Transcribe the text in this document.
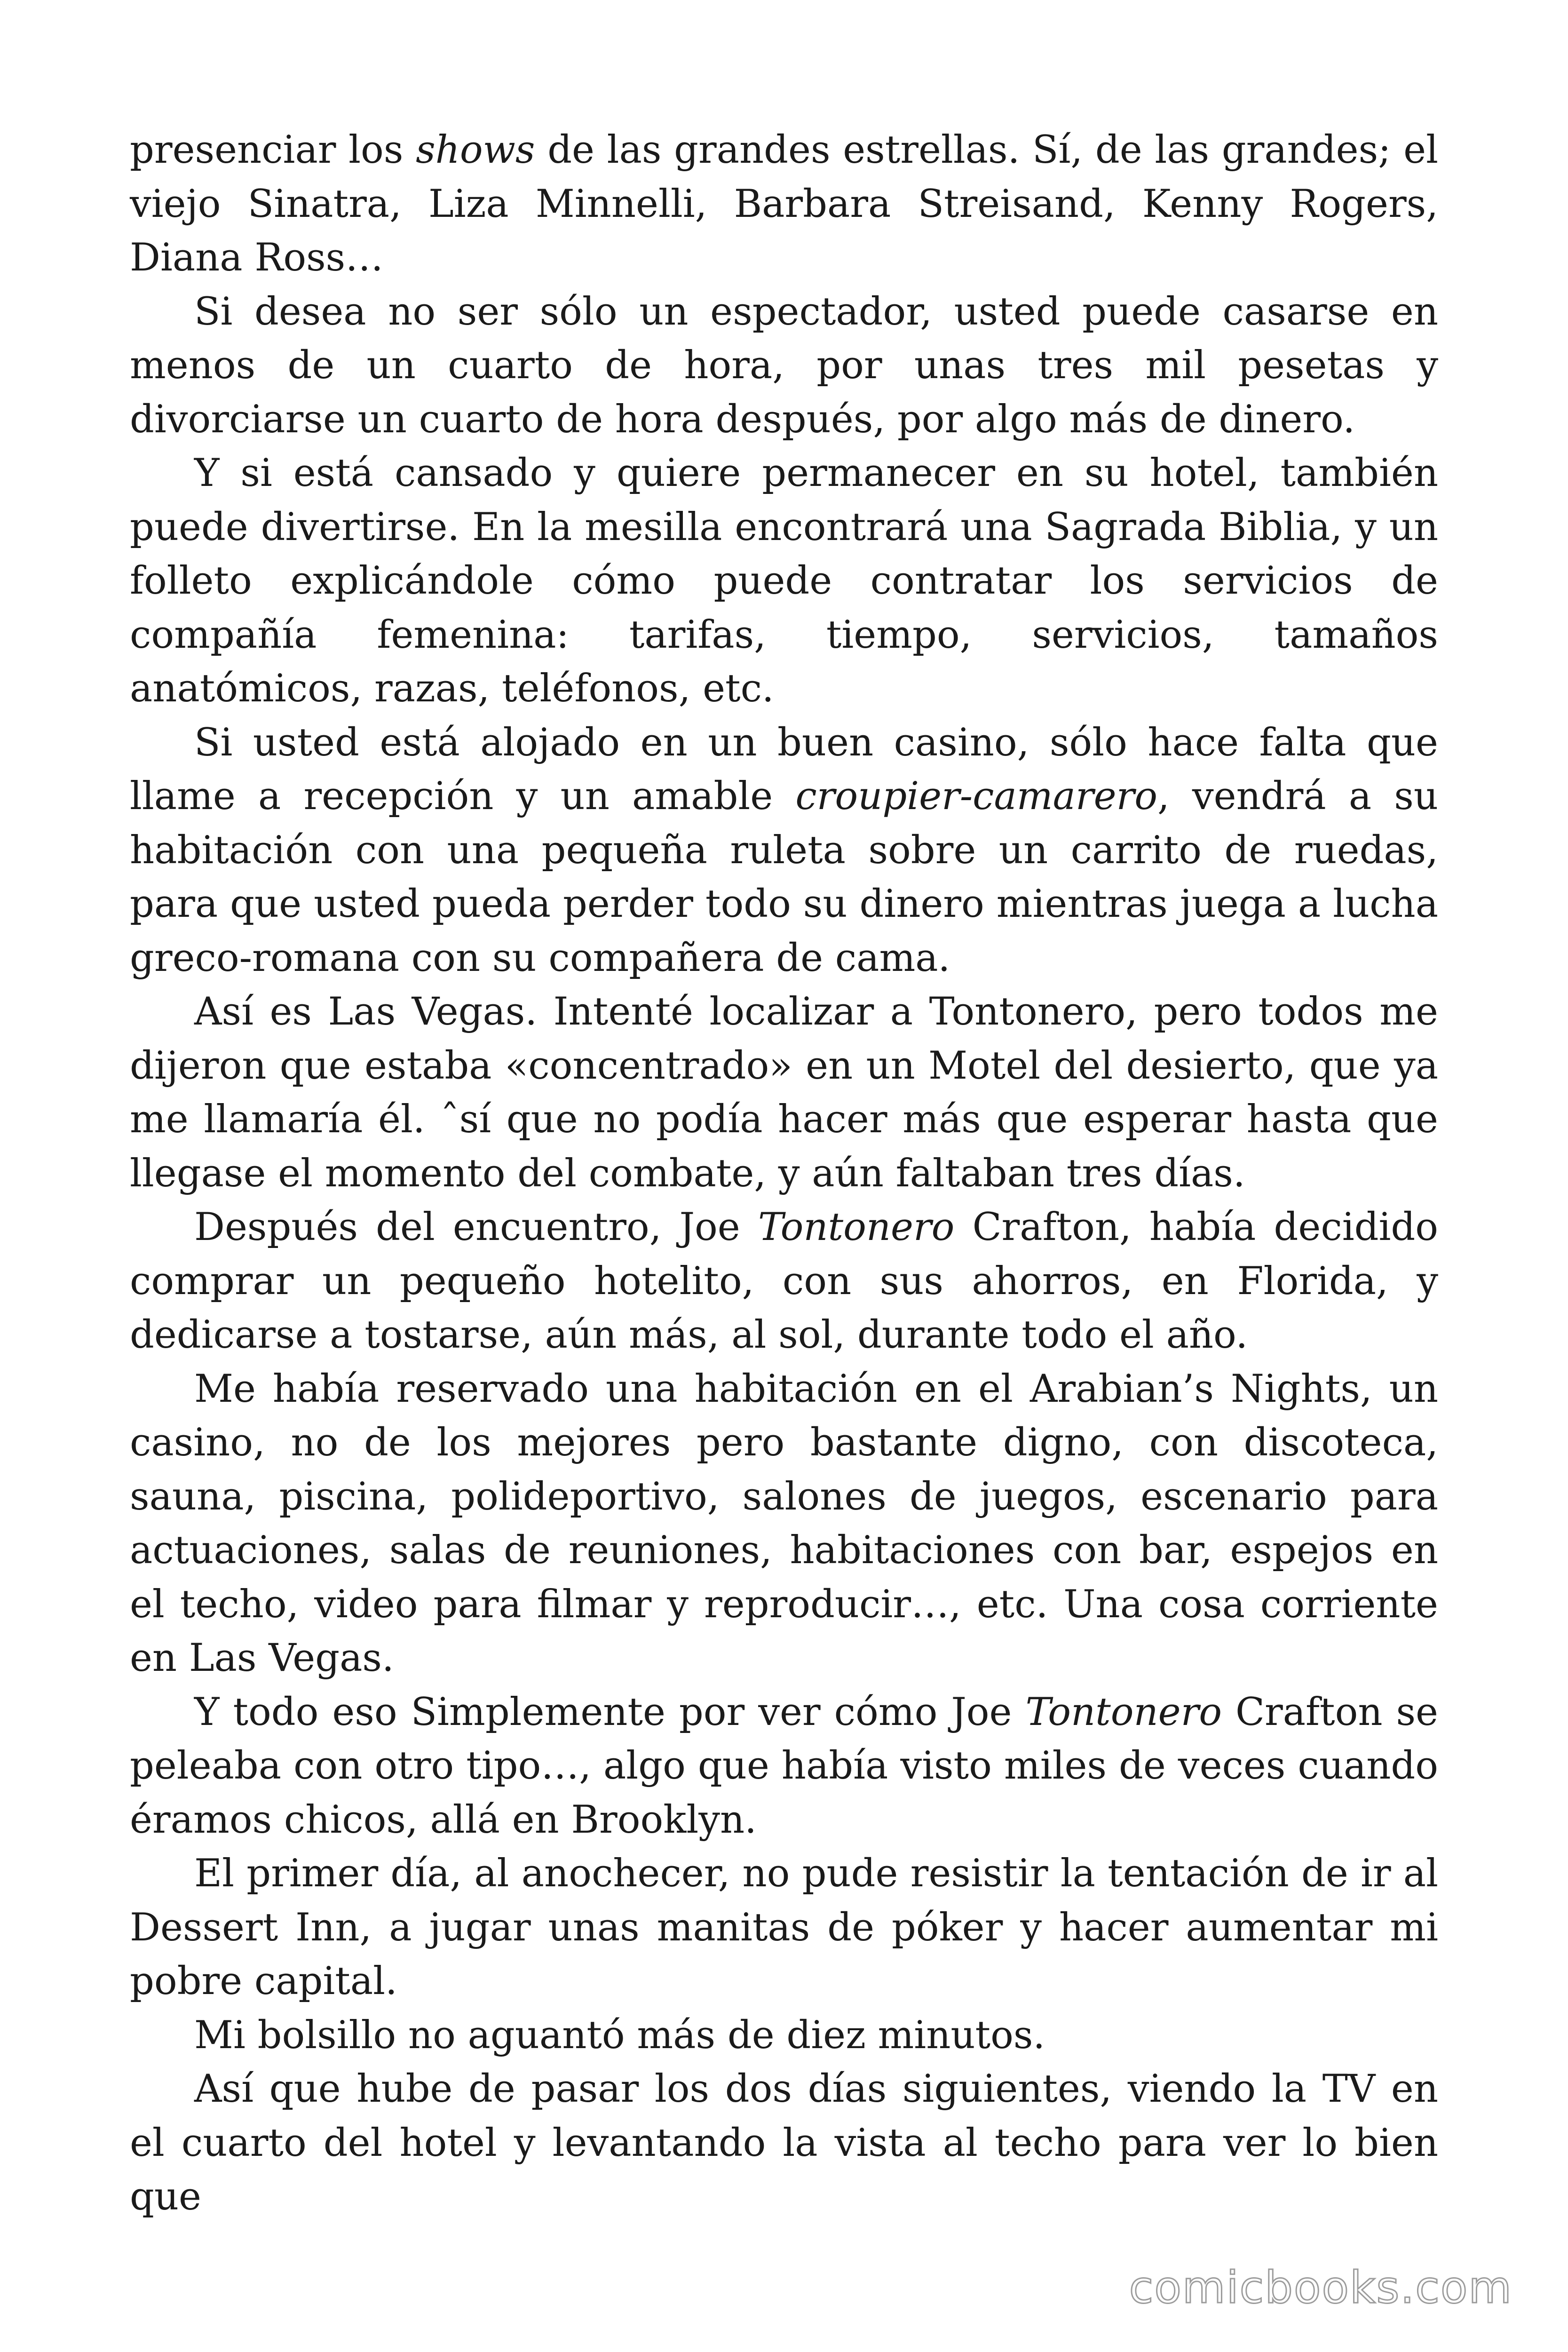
presenciar los shows de las grandes estrellas. Sí, de las grandes; el viejo Sinatra, Liza Minnelli, Barbara Streisand, Kenny Rogers, Diana Ross…

Si desea no ser sólo un espectador, usted puede casarse en menos de un cuarto de hora, por unas tres mil pesetas y divorciarse un cuarto de hora después, por algo más de dinero.

Y si está cansado y quiere permanecer en su hotel, también puede divertirse. En la mesilla encontrará una Sagrada Biblia, y un folleto explicándole cómo puede contratar los servicios de compañía femenina: tarifas, tiempo, servicios, tamaños anatómicos, razas, teléfonos, etc.

Si usted está alojado en un buen casino, sólo hace falta que llame a recepción y un amable croupier-camarero, vendrá a su habitación con una pequeña ruleta sobre un carrito de ruedas, para que usted pueda perder todo su dinero mientras juega a lucha greco-romana con su compañera de cama.

Así es Las Vegas. Intenté localizar a Tontonero, pero todos me dijeron que estaba «concentrado» en un Motel del desierto, que ya me llamaría él. ˆsí que no podía hacer más que esperar hasta que llegase el momento del combate, y aún faltaban tres días.

Después del encuentro, Joe Tontonero Crafton, había decidido comprar un pequeño hotelito, con sus ahorros, en Florida, y dedicarse a tostarse, aún más, al sol, durante todo el año.

Me había reservado una habitación en el Arabian’s Nights, un casino, no de los mejores pero bastante digno, con discoteca, sauna, piscina, polideportivo, salones de juegos, escenario para actuaciones, salas de reuniones, habitaciones con bar, espejos en el techo, video para filmar y reproducir…, etc. Una cosa corriente en Las Vegas.

Y todo eso Simplemente por ver cómo Joe Tontonero Crafton se peleaba con otro tipo…, algo que había visto miles de veces cuando éramos chicos, allá en Brooklyn.

El primer día, al anochecer, no pude resistir la tentación de ir al Dessert Inn, a jugar unas manitas de póker y hacer aumentar mi pobre capital.

Mi bolsillo no aguantó más de diez minutos.

Así que hube de pasar los dos días siguientes, viendo la TV en el cuarto del hotel y levantando la vista al techo para ver lo bien que

comicbooks.com
